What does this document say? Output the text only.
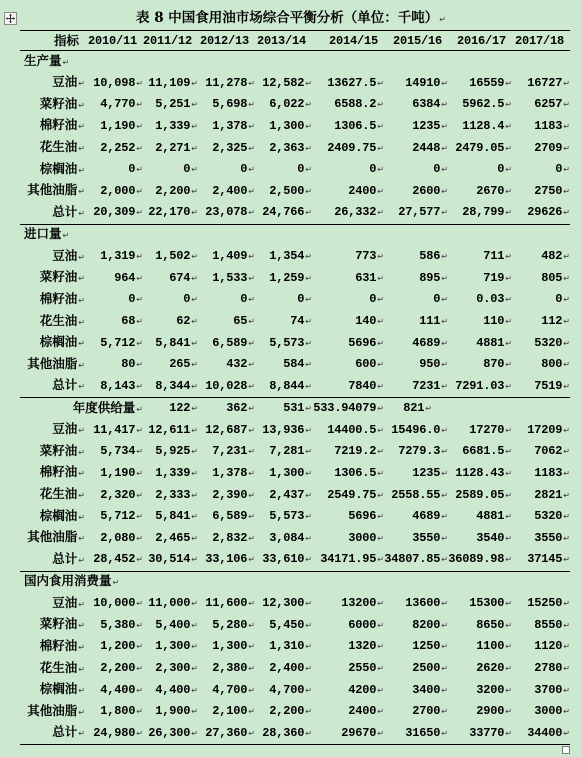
表 8 中国食用油市场综合平衡分析（单位：千吨） ↵
指标	2010/11	2011/12	2012/13	2013/14	2014/15	2015/16	2016/17	2017/18
生产量 ↵							
豆油 ↵	10,098 ↵	11,109 ↵	11,278 ↵	12,582 ↵	13627.5 ↵	14910 ↵	16559 ↵	16727 ↵
菜籽油 ↵	4,770 ↵	5,251 ↵	5,698 ↵	6,022 ↵	6588.2 ↵	6384 ↵	5962.5 ↵	6257 ↵
棉籽油 ↵	1,190 ↵	1,339 ↵	1,378 ↵	1,300 ↵	1306.5 ↵	1235 ↵	1128.4 ↵	1183 ↵
花生油 ↵	2,252 ↵	2,271 ↵	2,325 ↵	2,363 ↵	2409.75 ↵	2448 ↵	2479.05 ↵	2709 ↵
棕榈油 ↵	0 ↵	0 ↵	0 ↵	0 ↵	0 ↵	0 ↵	0 ↵	0 ↵
其他油脂 ↵	2,000 ↵	2,200 ↵	2,400 ↵	2,500 ↵	2400 ↵	2600 ↵	2670 ↵	2750 ↵
总计 ↵	20,309 ↵	22,170 ↵	23,078 ↵	24,766 ↵	26,332 ↵	27,577 ↵	28,799 ↵	29626 ↵
进口量 ↵							
豆油 ↵	1,319 ↵	1,502 ↵	1,409 ↵	1,354 ↵	773 ↵	586 ↵	711 ↵	482 ↵
菜籽油 ↵	964 ↵	674 ↵	1,533 ↵	1,259 ↵	631 ↵	895 ↵	719 ↵	805 ↵
棉籽油 ↵	0 ↵	0 ↵	0 ↵	0 ↵	0 ↵	0 ↵	0.03 ↵	0 ↵
花生油 ↵	68 ↵	62 ↵	65 ↵	74 ↵	140 ↵	111 ↵	110 ↵	112 ↵
棕榈油 ↵	5,712 ↵	5,841 ↵	6,589 ↵	5,573 ↵	5696 ↵	4689 ↵	4881 ↵	5320 ↵
其他油脂 ↵	80 ↵	265 ↵	432 ↵	584 ↵	600 ↵	950 ↵	870 ↵	800 ↵
总计 ↵	8,143 ↵	8,344 ↵	10,028 ↵	8,844 ↵	7840 ↵	7231 ↵	7291.03 ↵	7519 ↵
年度供给量 ↵		122 ↵	362 ↵	531 ↵	533.94079 ↵	821 ↵		
豆油 ↵	11,417 ↵	12,611 ↵	12,687 ↵	13,936 ↵	14400.5 ↵	15496.0 ↵	17270 ↵	17209 ↵
菜籽油 ↵	5,734 ↵	5,925 ↵	7,231 ↵	7,281 ↵	7219.2 ↵	7279.3 ↵	6681.5 ↵	7062 ↵
棉籽油 ↵	1,190 ↵	1,339 ↵	1,378 ↵	1,300 ↵	1306.5 ↵	1235 ↵	1128.43 ↵	1183 ↵
花生油 ↵	2,320 ↵	2,333 ↵	2,390 ↵	2,437 ↵	2549.75 ↵	2558.55 ↵	2589.05 ↵	2821 ↵
棕榈油 ↵	5,712 ↵	5,841 ↵	6,589 ↵	5,573 ↵	5696 ↵	4689 ↵	4881 ↵	5320 ↵
其他油脂 ↵	2,080 ↵	2,465 ↵	2,832 ↵	3,084 ↵	3000 ↵	3550 ↵	3540 ↵	3550 ↵
总计 ↵	28,452 ↵	30,514 ↵	33,106 ↵	33,610 ↵	34171.95 ↵	34807.85 ↵	36089.98 ↵	37145 ↵
国内食用消费量 ↵							
豆油 ↵	10,000 ↵	11,000 ↵	11,600 ↵	12,300 ↵	13200 ↵	13600 ↵	15300 ↵	15250 ↵
菜籽油 ↵	5,380 ↵	5,400 ↵	5,280 ↵	5,450 ↵	6000 ↵	8200 ↵	8650 ↵	8550 ↵
棉籽油 ↵	1,200 ↵	1,300 ↵	1,300 ↵	1,310 ↵	1320 ↵	1250 ↵	1100 ↵	1120 ↵
花生油 ↵	2,200 ↵	2,300 ↵	2,380 ↵	2,400 ↵	2550 ↵	2500 ↵	2620 ↵	2780 ↵
棕榈油 ↵	4,400 ↵	4,400 ↵	4,700 ↵	4,700 ↵	4200 ↵	3400 ↵	3200 ↵	3700 ↵
其他油脂 ↵	1,800 ↵	1,900 ↵	2,100 ↵	2,200 ↵	2400 ↵	2700 ↵	2900 ↵	3000 ↵
总计 ↵	24,980 ↵	26,300 ↵	27,360 ↵	28,360 ↵	29670 ↵	31650 ↵	33770 ↵	34400 ↵
